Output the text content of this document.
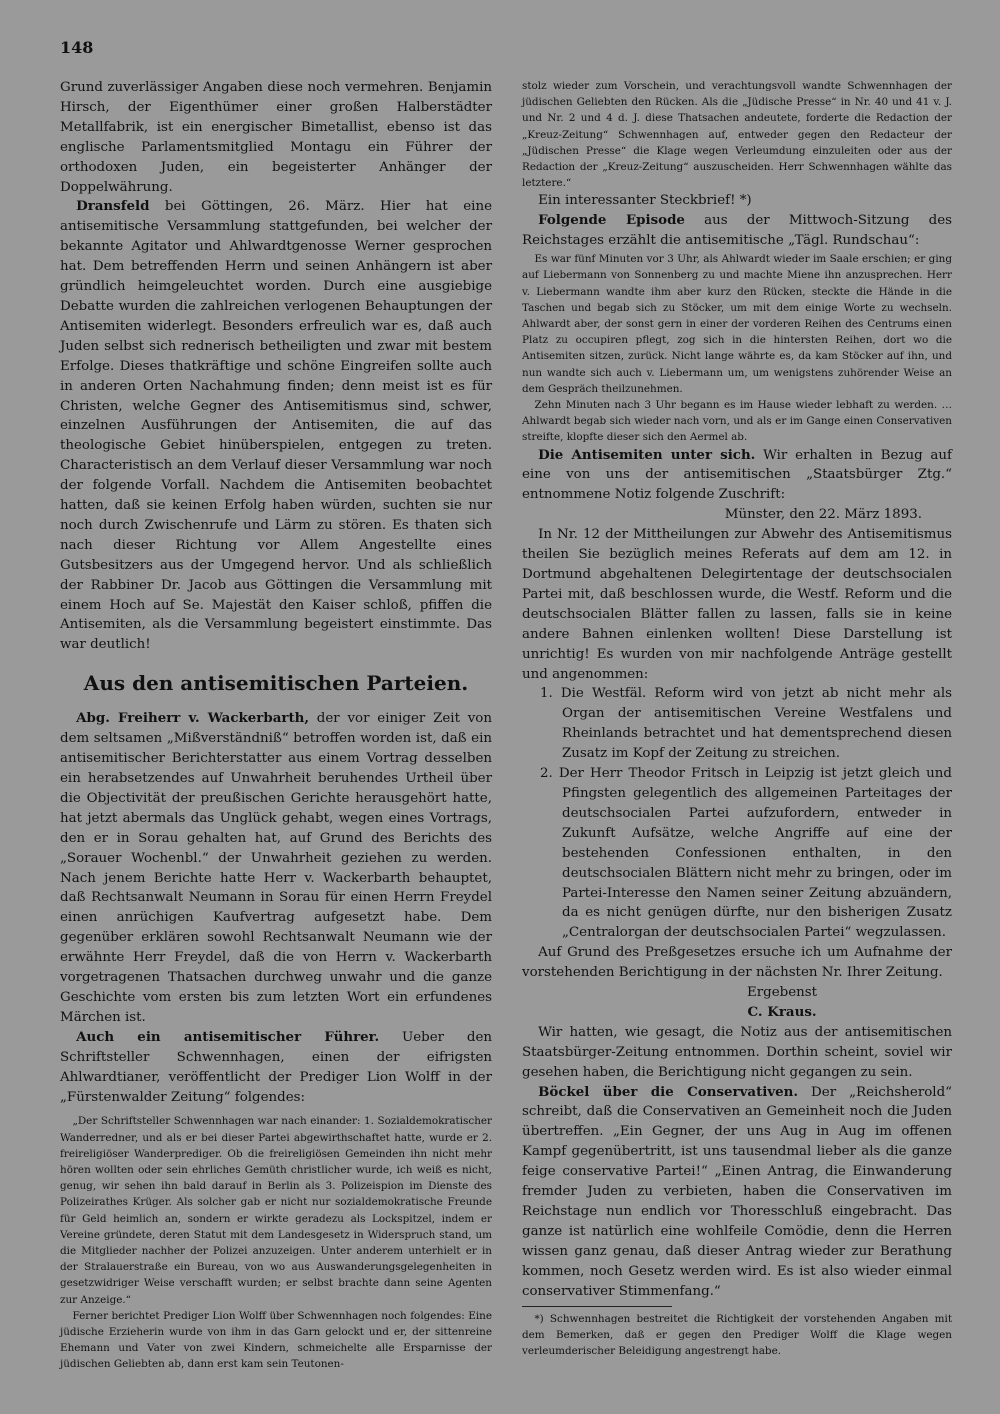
148

Grund zuverlässiger Angaben diese noch vermehren. Benjamin Hirsch, der Eigenthümer einer großen Halberstädter Metallfabrik, ist ein energischer Bimetallist, ebenso ist das englische Parlamentsmitglied Montagu ein Führer der orthodoxen Juden, ein begeisterter Anhänger der Doppelwährung.

Dransfeld bei Göttingen, 26. März. Hier hat eine antisemitische Versammlung stattgefunden, bei welcher der bekannte Agitator und Ahlwardtgenosse Werner gesprochen hat. Dem betreffenden Herrn und seinen Anhängern ist aber gründlich heimgeleuchtet worden. Durch eine ausgiebige Debatte wurden die zahlreichen verlogenen Behauptungen der Antisemiten widerlegt. Besonders erfreulich war es, daß auch Juden selbst sich rednerisch betheiligten und zwar mit bestem Erfolge. Dieses thatkräftige und schöne Eingreifen sollte auch in anderen Orten Nachahmung finden; denn meist ist es für Christen, welche Gegner des Antisemitismus sind, schwer, einzelnen Ausführungen der Antisemiten, die auf das theologische Gebiet hinüberspielen, entgegen zu treten. Characteristisch an dem Verlauf dieser Versammlung war noch der folgende Vorfall. Nachdem die Antisemiten beobachtet hatten, daß sie keinen Erfolg haben würden, suchten sie nur noch durch Zwischenrufe und Lärm zu stören. Es thaten sich nach dieser Richtung vor Allem Angestellte eines Gutsbesitzers aus der Umgegend hervor. Und als schließlich der Rabbiner Dr. Jacob aus Göttingen die Versammlung mit einem Hoch auf Se. Majestät den Kaiser schloß, pfiffen die Antisemiten, als die Versammlung begeistert einstimmte. Das war deutlich!

Aus den antisemitischen Parteien.

Abg. Freiherr v. Wackerbarth, der vor einiger Zeit von dem seltsamen „Mißverständniß“ betroffen worden ist, daß ein antisemitischer Berichterstatter aus einem Vortrag desselben ein herabsetzendes auf Unwahrheit beruhendes Urtheil über die Objectivität der preußischen Gerichte herausgehört hatte, hat jetzt abermals das Unglück gehabt, wegen eines Vortrags, den er in Sorau gehalten hat, auf Grund des Berichts des „Sorauer Wochenbl.“ der Unwahrheit geziehen zu werden. Nach jenem Berichte hatte Herr v. Wackerbarth behauptet, daß Rechtsanwalt Neumann in Sorau für einen Herrn Freydel einen anrüchigen Kaufvertrag aufgesetzt habe. Dem gegenüber erklären sowohl Rechtsanwalt Neumann wie der erwähnte Herr Freydel, daß die von Herrn v. Wackerbarth vorgetragenen Thatsachen durchweg unwahr und die ganze Geschichte vom ersten bis zum letzten Wort ein erfundenes Märchen ist.

Auch ein antisemitischer Führer. Ueber den Schriftsteller Schwennhagen, einen der eifrigsten Ahlwardtianer, veröffentlicht der Prediger Lion Wolff in der „Fürstenwalder Zeitung“ folgendes:

„Der Schriftsteller Schwennhagen war nach einander: 1. Sozialdemokratischer Wanderredner, und als er bei dieser Partei abgewirthschaftet hatte, wurde er 2. freireligiöser Wanderprediger. Ob die freireligiösen Gemeinden ihn nicht mehr hören wollten oder sein ehrliches Gemüth christlicher wurde, ich weiß es nicht, genug, wir sehen ihn bald darauf in Berlin als 3. Polizeispion im Dienste des Polizeirathes Krüger. Als solcher gab er nicht nur sozialdemokratische Freunde für Geld heimlich an, sondern er wirkte geradezu als Lockspitzel, indem er Vereine gründete, deren Statut mit dem Landesgesetz in Widerspruch stand, um die Mitglieder nachher der Polizei anzuzeigen. Unter anderem unterhielt er in der Stralauerstraße ein Bureau, von wo aus Auswanderungsgelegenheiten in gesetzwidriger Weise verschafft wurden; er selbst brachte dann seine Agenten zur Anzeige.“

Ferner berichtet Prediger Lion Wolff über Schwennhagen noch folgendes: Eine jüdische Erzieherin wurde von ihm in das Garn gelockt und er, der sittenreine Ehemann und Vater von zwei Kindern, schmeichelte alle Ersparnisse der jüdischen Geliebten ab, dann erst kam sein Teutonen-

stolz wieder zum Vorschein, und verachtungsvoll wandte Schwennhagen der jüdischen Geliebten den Rücken. Als die „Jüdische Presse“ in Nr. 40 und 41 v. J. und Nr. 2 und 4 d. J. diese Thatsachen andeutete, forderte die Redaction der „Kreuz-Zeitung“ Schwennhagen auf, entweder gegen den Redacteur der „Jüdischen Presse“ die Klage wegen Verleumdung einzuleiten oder aus der Redaction der „Kreuz-Zeitung“ auszuscheiden. Herr Schwennhagen wählte das letztere.“

Ein interessanter Steckbrief! *)

Folgende Episode aus der Mittwoch-Sitzung des Reichstages erzählt die antisemitische „Tägl. Rundschau“:

Es war fünf Minuten vor 3 Uhr, als Ahlwardt wieder im Saale erschien; er ging auf Liebermann von Sonnenberg zu und machte Miene ihn anzusprechen. Herr v. Liebermann wandte ihm aber kurz den Rücken, steckte die Hände in die Taschen und begab sich zu Stöcker, um mit dem einige Worte zu wechseln. Ahlwardt aber, der sonst gern in einer der vorderen Reihen des Centrums einen Platz zu occupiren pflegt, zog sich in die hintersten Reihen, dort wo die Antisemiten sitzen, zurück. Nicht lange währte es, da kam Stöcker auf ihn, und nun wandte sich auch v. Liebermann um, um wenigstens zuhörender Weise an dem Gespräch theilzunehmen.

Zehn Minuten nach 3 Uhr begann es im Hause wieder lebhaft zu werden. … Ahlwardt begab sich wieder nach vorn, und als er im Gange einen Conservativen streifte, klopfte dieser sich den Aermel ab.

Die Antisemiten unter sich. Wir erhalten in Bezug auf eine von uns der antisemitischen „Staatsbürger Ztg.“ entnommene Notiz folgende Zuschrift:

Münster, den 22. März 1893.

In Nr. 12 der Mittheilungen zur Abwehr des Antisemitismus theilen Sie bezüglich meines Referats auf dem am 12. in Dortmund abgehaltenen Delegirtentage der deutschsocialen Partei mit, daß beschlossen wurde, die Westf. Reform und die deutschsocialen Blätter fallen zu lassen, falls sie in keine andere Bahnen einlenken wollten! Diese Darstellung ist unrichtig! Es wurden von mir nachfolgende Anträge gestellt und angenommen:

1. Die Westfäl. Reform wird von jetzt ab nicht mehr als Organ der antisemitischen Vereine Westfalens und Rheinlands betrachtet und hat dementsprechend diesen Zusatz im Kopf der Zeitung zu streichen.

2. Der Herr Theodor Fritsch in Leipzig ist jetzt gleich und Pfingsten gelegentlich des allgemeinen Parteitages der deutschsocialen Partei aufzufordern, entweder in Zukunft Aufsätze, welche Angriffe auf eine der bestehenden Confessionen enthalten, in den deutschsocialen Blättern nicht mehr zu bringen, oder im Partei-Interesse den Namen seiner Zeitung abzuändern, da es nicht genügen dürfte, nur den bisherigen Zusatz „Centralorgan der deutschsocialen Partei“ wegzulassen.

Auf Grund des Preßgesetzes ersuche ich um Aufnahme der vorstehenden Berichtigung in der nächsten Nr. Ihrer Zeitung.

Ergebenst

C. Kraus.

Wir hatten, wie gesagt, die Notiz aus der antisemitischen Staatsbürger-Zeitung entnommen. Dorthin scheint, soviel wir gesehen haben, die Berichtigung nicht gegangen zu sein.

Böckel über die Conservativen. Der „Reichsherold“ schreibt, daß die Conservativen an Gemeinheit noch die Juden übertreffen. „Ein Gegner, der uns Aug in Aug im offenen Kampf gegenübertritt, ist uns tausendmal lieber als die ganze feige conservative Partei!“ „Einen Antrag, die Einwanderung fremder Juden zu verbieten, haben die Conservativen im Reichstage nun endlich vor Thoresschluß eingebracht. Das ganze ist natürlich eine wohlfeile Comödie, denn die Herren wissen ganz genau, daß dieser Antrag wieder zur Berathung kommen, noch Gesetz werden wird. Es ist also wieder einmal conservativer Stimmenfang.“

*) Schwennhagen bestreitet die Richtigkeit der vorstehenden Angaben mit dem Bemerken, daß er gegen den Prediger Wolff die Klage wegen verleumderischer Beleidigung angestrengt habe.
